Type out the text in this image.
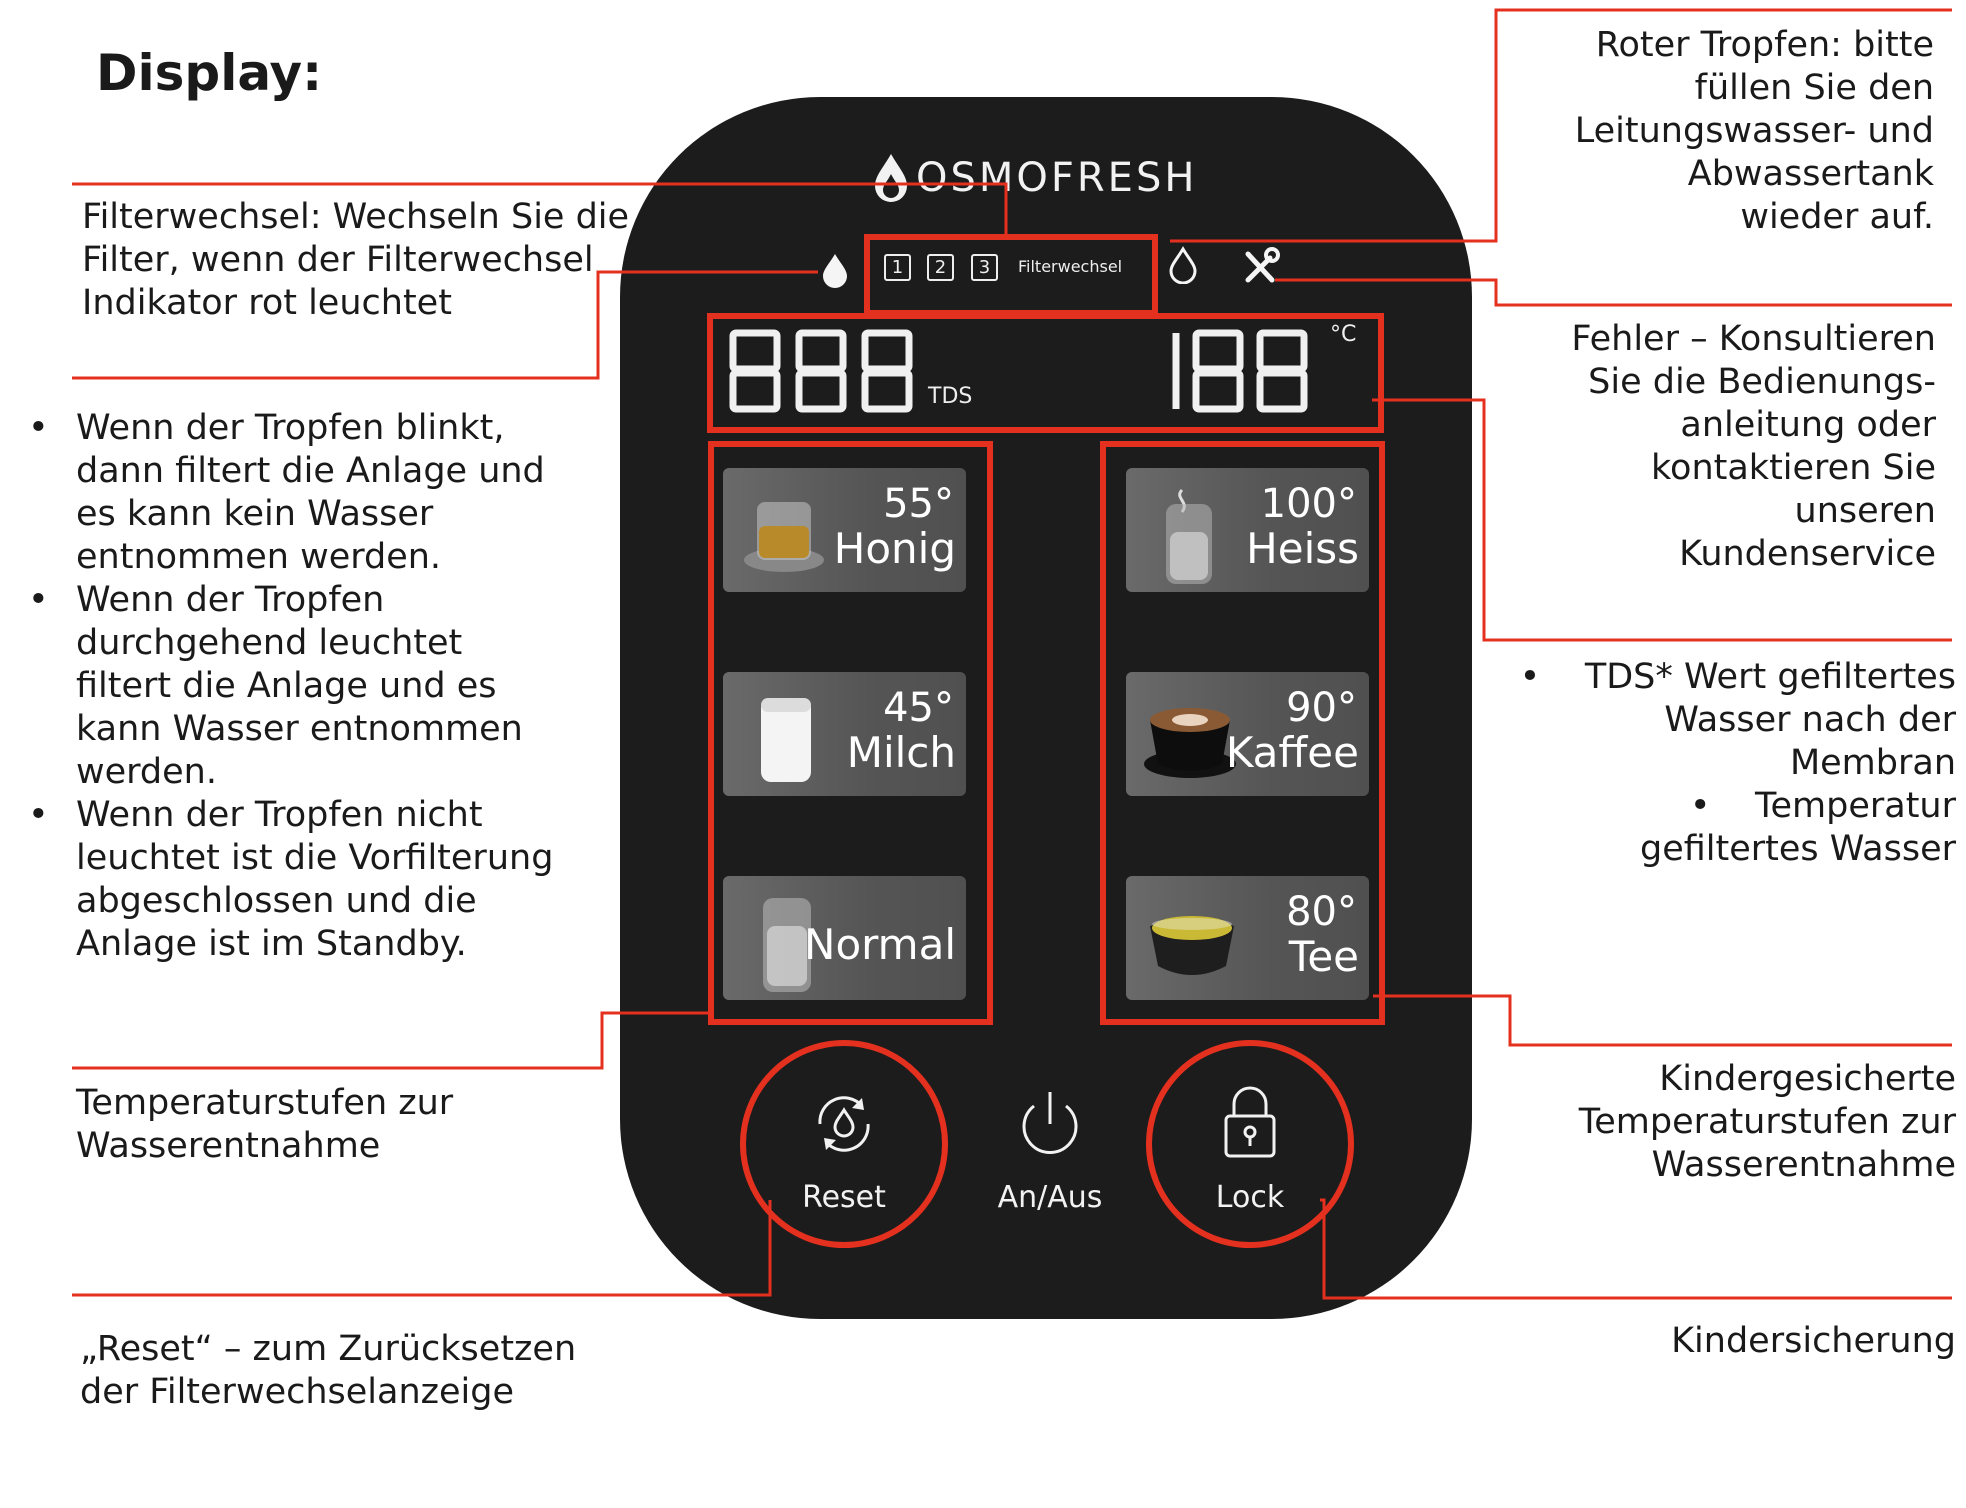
Display:
OSMOFRESH
1	2	3	Filterwechsel
TDS
°C
55°
Honig
45°
Milch
Normal
100°
Heiss
90°
Kaffee
80°
Tee
Reset	An/Aus	Lock
Filterwechsel: Wechseln Sie die
Filter, wenn der Filterwechsel
Indikator rot leuchtet
• Wenn der Tropfen blinkt,
dann filtert die Anlage und
es kann kein Wasser
entnommen werden.
• Wenn der Tropfen
durchgehend leuchtet
filtert die Anlage und es
kann Wasser entnommen
werden.
• Wenn der Tropfen nicht
leuchtet ist die Vorfilterung
abgeschlossen und die
Anlage ist im Standby.
Temperaturstufen zur
Wasserentnahme
„Reset“ – zum Zurücksetzen
der Filterwechselanzeige
Roter Tropfen: bitte
füllen Sie den
Leitungswasser- und
Abwassertank
wieder auf.
Fehler – Konsultieren
Sie die Bedienungs-
anleitung oder
kontaktieren Sie
unseren
Kundenservice
•    TDS* Wert gefiltertes
Wasser nach der
Membran
•    Temperatur
gefiltertes Wasser
Kindergesicherte
Temperaturstufen zur
Wasserentnahme
Kindersicherung
